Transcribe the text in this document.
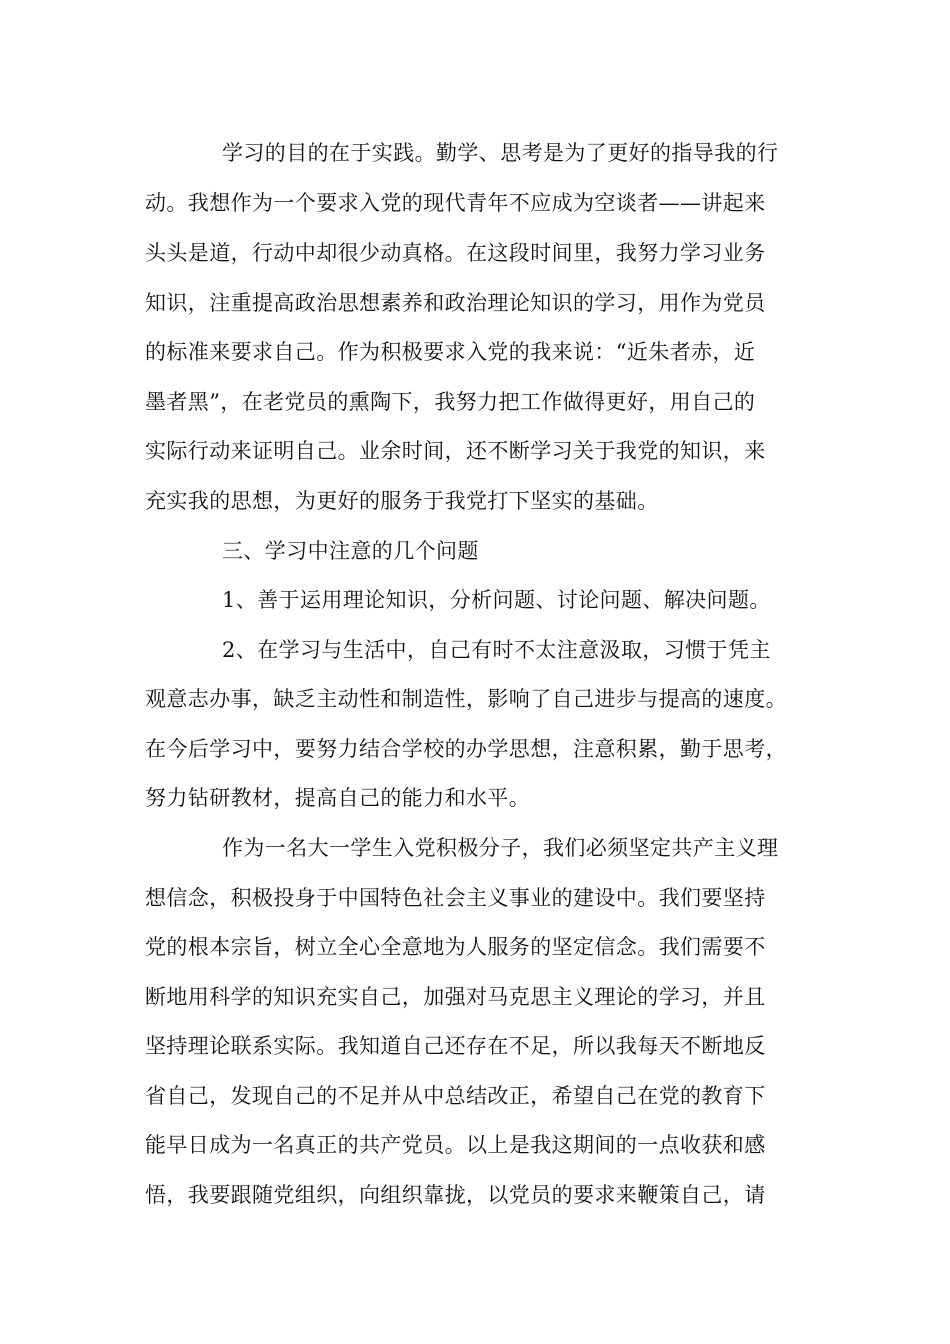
学习的目的在于实践。勤学、思考是为了更好的指导我的行
动。我想作为一个要求入党的现代青年不应成为空谈者——讲起来
头头是道，行动中却很少动真格。在这段时间里，我努力学习业务
知识，注重提高政治思想素养和政治理论知识的学习，用作为党员
的标准来要求自己。作为积极要求入党的我来说：“近朱者赤，近
墨者黑”，在老党员的熏陶下，我努力把工作做得更好，用自己的
实际行动来证明自己。业余时间，还不断学习关于我党的知识，来
充实我的思想，为更好的服务于我党打下坚实的基础。
三、学习中注意的几个问题
1、善于运用理论知识，分析问题、讨论问题、解决问题。
2、在学习与生活中，自己有时不太注意汲取，习惯于凭主
观意志办事，缺乏主动性和制造性，影响了自己进步与提高的速度。
在今后学习中，要努力结合学校的办学思想，注意积累，勤于思考，
努力钻研教材，提高自己的能力和水平。
作为一名大一学生入党积极分子，我们必须坚定共产主义理
想信念，积极投身于中国特色社会主义事业的建设中。我们要坚持
党的根本宗旨，树立全心全意地为人服务的坚定信念。我们需要不
断地用科学的知识充实自己，加强对马克思主义理论的学习，并且
坚持理论联系实际。我知道自己还存在不足，所以我每天不断地反
省自己，发现自己的不足并从中总结改正，希望自己在党的教育下
能早日成为一名真正的共产党员。以上是我这期间的一点收获和感
悟，我要跟随党组织，向组织靠拢，以党员的要求来鞭策自己，请
